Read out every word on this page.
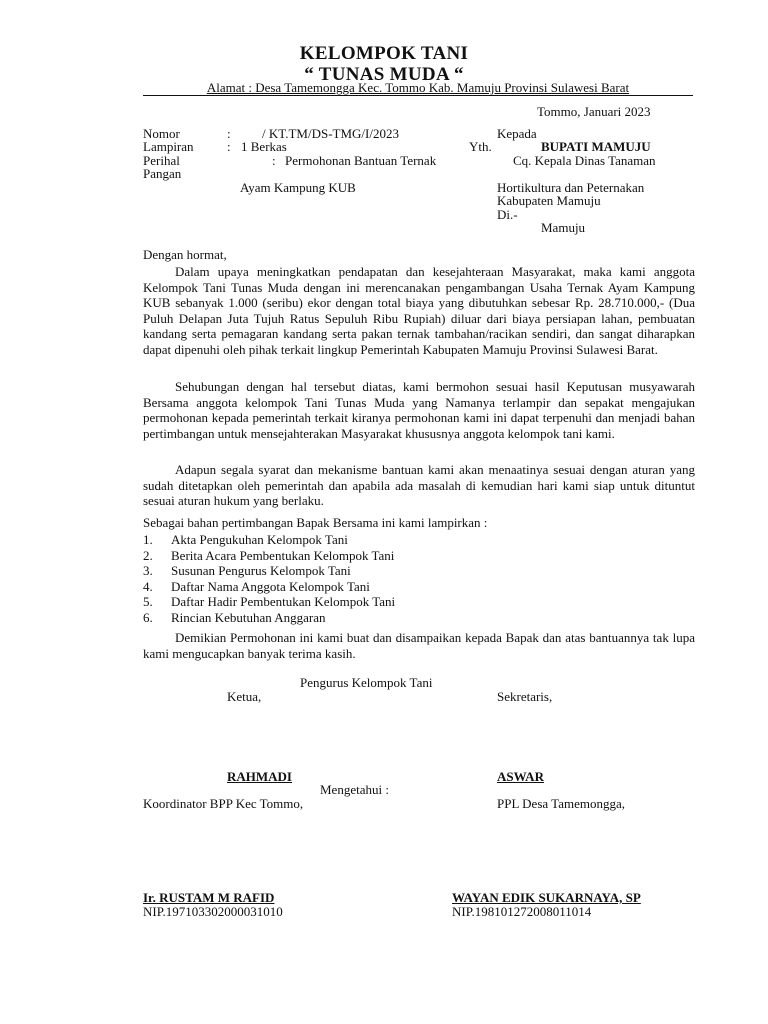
KELOMPOK TANI
“ TUNAS MUDA “
Alamat : Desa Tamemongga Kec. Tommo Kab. Mamuju Provinsi Sulawesi Barat
Tommo, Januari 2023
Nomor	: / KT.TM/DS-TMG/I/2023
Lampiran	: 1 Berkas
Perihal	: Permohonan Bantuan Ternak
Pangan
Ayam Kampung KUB
Kepada
Yth.	BUPATI MAMUJU
Cq. Kepala Dinas Tanaman
Hortikultura dan Peternakan
Kabupaten Mamuju
Di.-
Mamuju
Dengan hormat,
Dalam upaya meningkatkan pendapatan dan kesejahteraan Masyarakat, maka kami anggota Kelompok Tani Tunas Muda dengan ini merencanakan pengambangan Usaha Ternak Ayam Kampung KUB sebanyak 1.000 (seribu) ekor dengan total biaya yang dibutuhkan sebesar Rp. 28.710.000,- (Dua Puluh Delapan Juta Tujuh Ratus Sepuluh Ribu Rupiah) diluar dari biaya persiapan lahan, pembuatan kandang serta pemagaran kandang serta pakan ternak tambahan/racikan sendiri, dan sangat diharapkan dapat dipenuhi oleh pihak terkait lingkup Pemerintah Kabupaten Mamuju Provinsi Sulawesi Barat.
Sehubungan dengan hal tersebut diatas, kami bermohon sesuai hasil Keputusan musyawarah Bersama anggota kelompok Tani Tunas Muda yang Namanya terlampir dan sepakat mengajukan permohonan kepada pemerintah terkait kiranya permohonan kami ini dapat terpenuhi dan menjadi bahan pertimbangan untuk mensejahterakan Masyarakat khususnya anggota kelompok tani kami.
Adapun segala syarat dan mekanisme bantuan kami akan menaatinya sesuai dengan aturan yang sudah ditetapkan oleh pemerintah dan apabila ada masalah di kemudian hari kami siap untuk dituntut sesuai aturan hukum yang berlaku.
Sebagai bahan pertimbangan Bapak Bersama ini kami lampirkan :
1. Akta Pengukuhan Kelompok Tani
2. Berita Acara Pembentukan Kelompok Tani
3. Susunan Pengurus Kelompok Tani
4. Daftar Nama Anggota Kelompok Tani
5. Daftar Hadir Pembentukan Kelompok Tani
6. Rincian Kebutuhan Anggaran
Demikian Permohonan ini kami buat dan disampaikan kepada Bapak dan atas bantuannya tak lupa kami mengucapkan banyak terima kasih.
Pengurus Kelompok Tani
Ketua,	Sekretaris,
RAHMADI	ASWAR
Mengetahui :
Koordinator BPP Kec Tommo,	PPL Desa Tamemongga,
Ir. RUSTAM M RAFID
NIP.197103302000031010
WAYAN EDIK SUKARNAYA, SP
NIP.198101272008011014
